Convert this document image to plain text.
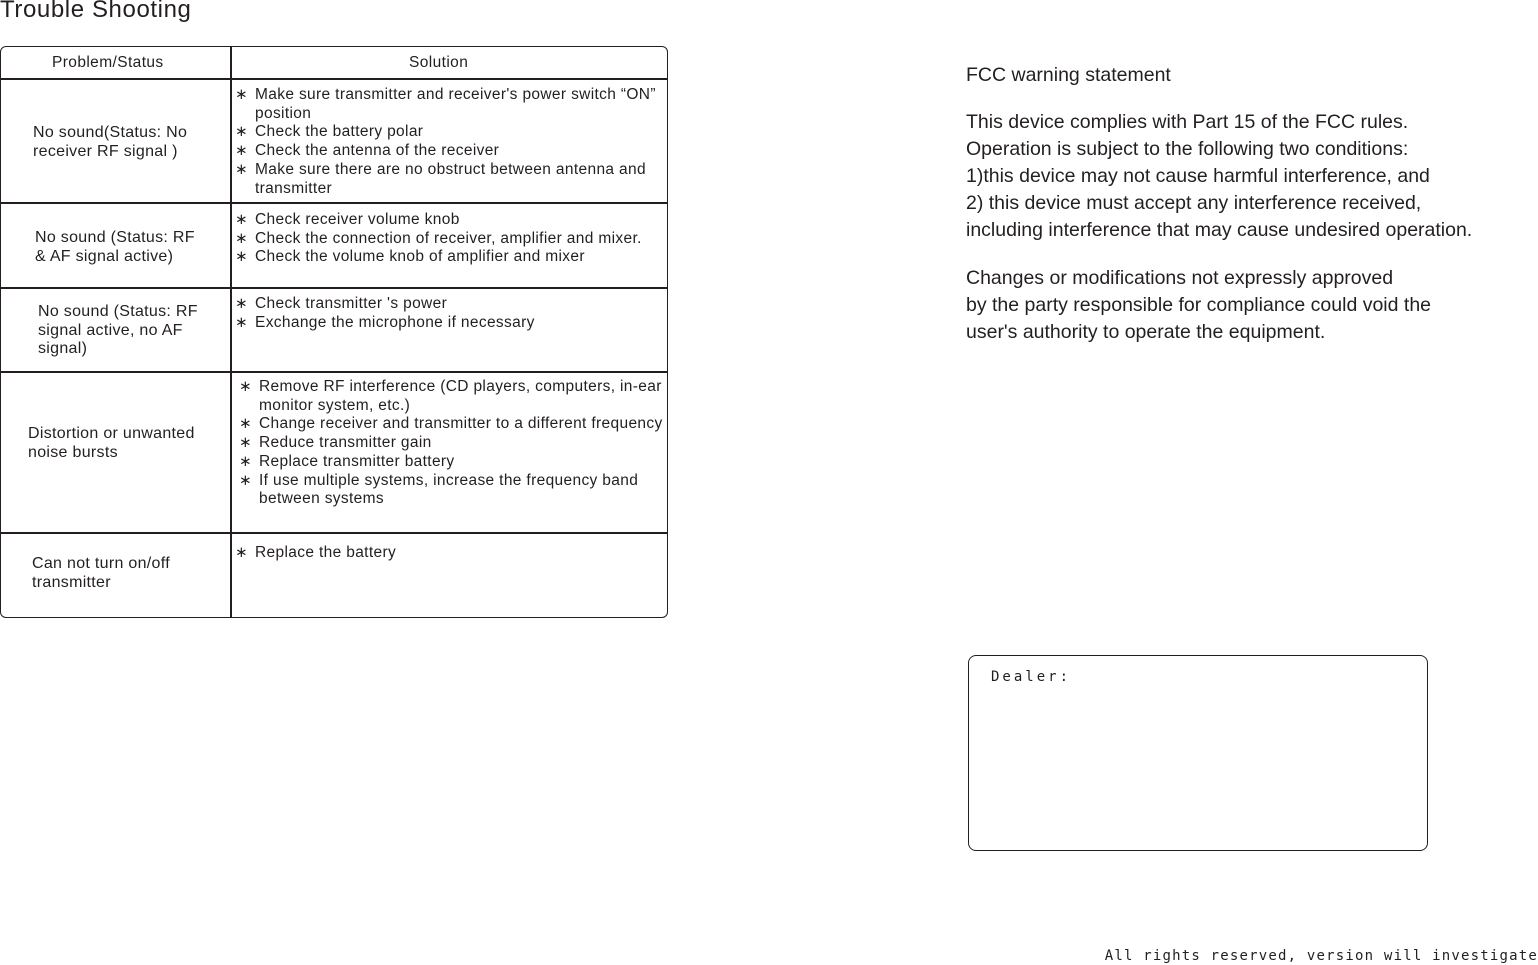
Trouble Shooting
Problem/Status	Solution
No sound(Status: No
receiver RF signal )
∗ Make sure transmitter and receiver's power switch “ON” position
∗ Check the battery polar
∗ Check the antenna of the receiver
∗ Make sure there are no obstruct between antenna and transmitter
No sound (Status: RF
& AF signal active)
∗ Check receiver volume knob
∗ Check the connection of receiver, amplifier and mixer.
∗ Check the volume knob of amplifier and mixer
No sound (Status: RF
signal active, no AF
signal)
∗ Check transmitter 's power
∗ Exchange the microphone if necessary
Distortion or unwanted
noise bursts
∗ Remove RF interference (CD players, computers, in-ear monitor system, etc.)
∗ Change receiver and transmitter to a different frequency
∗ Reduce transmitter gain
∗ Replace transmitter battery
∗ If use multiple systems, increase the frequency band between systems
Can not turn on/off
transmitter
∗ Replace the battery
FCC warning statement

This device complies with Part 15 of the FCC rules.
Operation is subject to the following two conditions:
1)this device may not cause harmful interference, and
2) this device must accept any interference received,
including interference that may cause undesired operation.

Changes or modifications not expressly approved
by the party responsible for compliance could void the
user's authority to operate the equipment.

Dealer:
All rights reserved, version will investigate
